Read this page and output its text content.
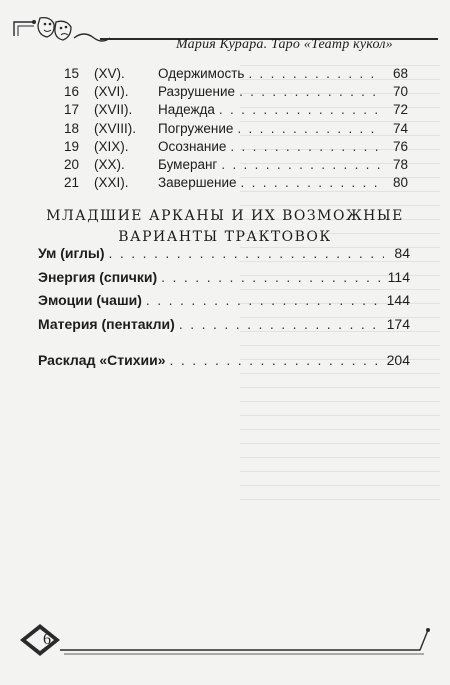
Мария Курара. Таро «Театр кукол»
15	(XV).	Одержимость . . .	68
16	(XVI).	Разрушение . . .	70
17	(XVII).	Надежда . . .	72
18	(XVIII).	Погружение . . .	74
19	(XIX).	Осознание . . .	76
20	(XX).	Бумеранг . . .	78
21	(XXI).	Завершение . . .	80
МЛАДШИЕ АРКАНЫ И ИХ ВОЗМОЖНЫЕ
ВАРИАНТЫ ТРАКТОВОК
Ум (иглы) . . .	84
Энергия (спички) . . .	114
Эмоции (чаши) . . .	144
Материя (пентакли) . . .	174
Расклад «Стихии» . . .	204
6
